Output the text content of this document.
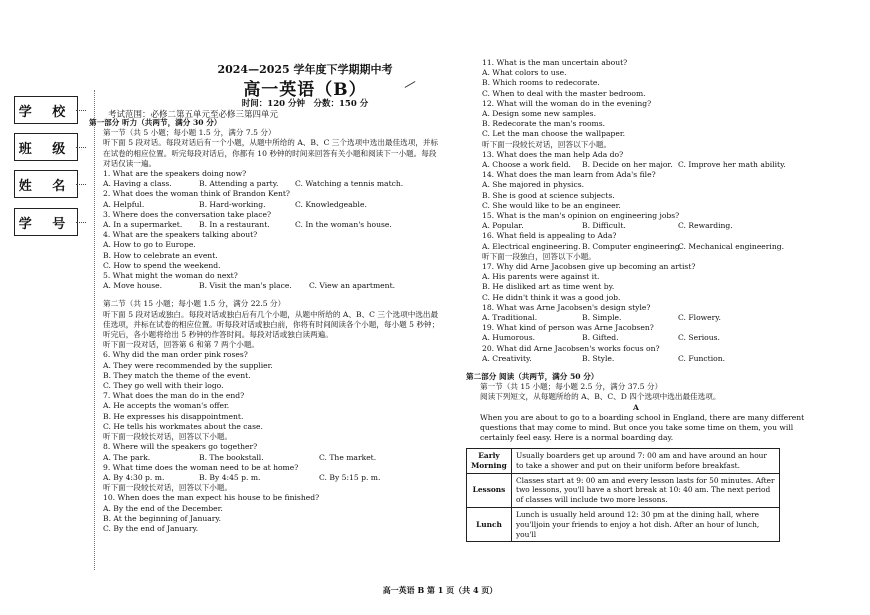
学 校
班 级
姓 名
学 号
2024—2025 学年度下学期期中考
高一英语（B）
时间：120 分钟　分数：150 分
考试范围：必修二第五单元至必修三第四单元
第一部分 听力（共两节，满分 30 分）
第一节（共 5 小题；每小题 1.5 分，满分 7.5 分）
听下面 5 段对话。每段对话后有一个小题，从题中所给的 A、B、C 三个选项中选出最佳选项，并标在试卷的相应位置。听完每段对话后，你都有 10 秒钟的时间来回答有关小题和阅读下一小题。每段对话仅读一遍。
1. What are the speakers doing now?
A. Having a class.	B. Attending a party. C. Watching a tennis match.
2. What does the woman think of Brandon Kent?
A. Helpful.	B. Hard-working.	C. Knowledgeable.
3. Where does the conversation take place?
A. In a supermarket. B. In a restaurant.	C. In the woman's house.
4. What are the speakers talking about?
A. How to go to Europe.
B. How to celebrate an event.
C. How to spend the weekend.
5. What might the woman do next?
A. Move house.	B. Visit the man's place. C. View an apartment.
第二节（共 15 小题；每小题 1.5 分，满分 22.5 分）
听下面 5 段对话或独白。每段对话或独白后有几个小题，从题中所给的 A、B、C 三个选项中选出最佳选项，并标在试卷的相应位置。听每段对话或独白前，你将有时间阅读各个小题，每小题 5 秒钟；听完后，各小题将给出 5 秒钟的作答时间。每段对话或独白读两遍。
听下面一段对话，回答第 6 和第 7 两个小题。
6. Why did the man order pink roses?
A. They were recommended by the supplier.
B. They match the theme of the event.
C. They go well with their logo.
7. What does the man do in the end?
A. He accepts the woman's offer.
B. He expresses his disappointment.
C. He tells his workmates about the case.
听下面一段较长对话，回答以下小题。
8. Where will the speakers go together?
A. The park.	B. The bookstall.	C. The market.
9. What time does the woman need to be at home?
A. By 4:30 p. m.	B. By 4:45 p. m.	C. By 5:15 p. m.
听下面一段较长对话，回答以下小题。
10. When does the man expect his house to be finished?
A. By the end of the December.
B. At the beginning of January.
C. By the end of January.
11. What is the man uncertain about?
A. What colors to use.
B. Which rooms to redecorate.
C. When to deal with the master bedroom.
12. What will the woman do in the evening?
A. Design some new samples.
B. Redecorate the man's rooms.
C. Let the man choose the wallpaper.
听下面一段较长对话，回答以下小题。
13. What does the man help Ada do?
A. Choose a work field. B. Decide on her major. C. Improve her math ability.
14. What does the man learn from Ada's file?
A. She majored in physics.
B. She is good at science subjects.
C. She would like to be an engineer.
15. What is the man's opinion on engineering jobs?
A. Popular.	B. Difficult.	C. Rewarding.
16. What field is appealing to Ada?
A. Electrical engineering.B. Computer engineering.C. Mechanical engineering.
听下面一段独白，回答以下小题。
17. Why did Arne Jacobsen give up becoming an artist?
A. His parents were against it.
B. He disliked art as time went by.
C. He didn't think it was a good job.
18. What was Arne Jacobsen's design style?
A. Traditional.	B. Simple.	C. Flowery.
19. What kind of person was Arne Jacobsen?
A. Humorous.	B. Gifted.	C. Serious.
20. What did Arne Jacobsen's works focus on?
A. Creativity.	B. Style.	C. Function.
第二部分 阅读（共两节，满分 50 分）
第一节（共 15 小题；每小题 2.5 分，满分 37.5 分）
阅读下列短文，从每题所给的 A、B、C、D 四个选项中选出最佳选项。
A
When you are about to go to a boarding school in England, there are many different questions that may come to mind. But once you take some time on them, you will certainly feel easy. Here is a normal boarding day.
Early Morning	Usually boarders get up around 7: 00 am and have around an hour to take a shower and put on their uniform before breakfast.
Lessons	Classes start at 9: 00 am and every lesson lasts for 50 minutes. After two lessons, you'll have a short break at 10: 40 am. The next period of classes will include two more lessons.
Lunch	Lunch is usually held around 12: 30 pm at the dining hall, where you'lljoin your friends to enjoy a hot dish. After an hour of lunch, you'll
高一英语 B 第 1 页（共 4 页）
